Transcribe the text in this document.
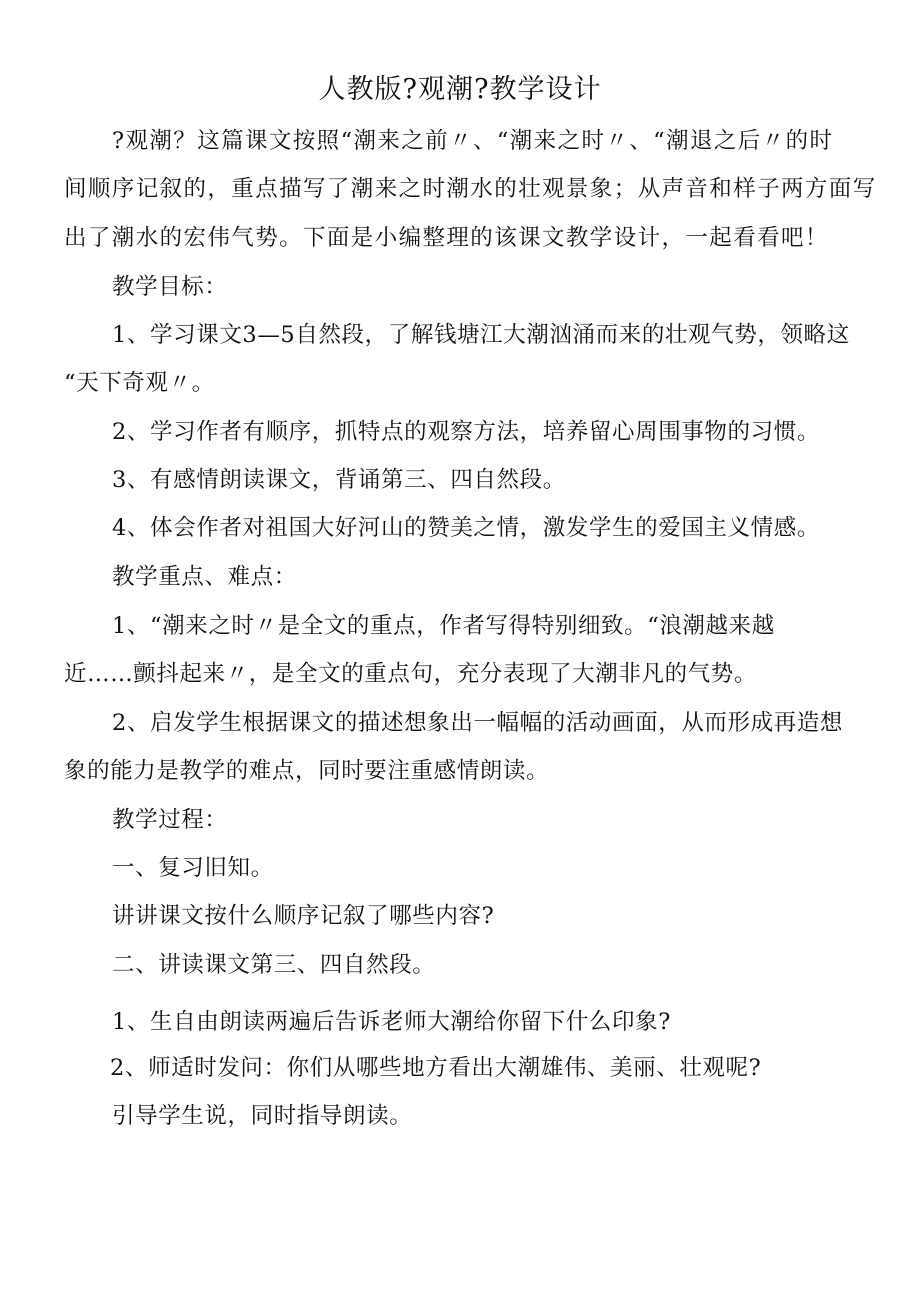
人教版?观潮?教学设计
?观潮？这篇课文按照“潮来之前〃、“潮来之时〃、“潮退之后〃的时
间顺序记叙的，重点描写了潮来之时潮水的壮观景象；从声音和样子两方面写
出了潮水的宏伟气势。下面是小编整理的该课文教学设计，一起看看吧！
教学目标：
1、学习课文3—5自然段，了解钱塘江大潮汹涌而来的壮观气势，领略这
“天下奇观〃。
2、学习作者有顺序，抓特点的观察方法，培养留心周围事物的习惯。
3、有感情朗读课文，背诵第三、四自然段。
4、体会作者对祖国大好河山的赞美之情，激发学生的爱国主义情感。
教学重点、难点：
1、“潮来之时〃是全文的重点，作者写得特别细致。“浪潮越来越
近……颤抖起来〃，是全文的重点句，充分表现了大潮非凡的气势。
2、启发学生根据课文的描述想象出一幅幅的活动画面，从而形成再造想
象的能力是教学的难点，同时要注重感情朗读。
教学过程：
一、复习旧知。
讲讲课文按什么顺序记叙了哪些内容?
二、讲读课文第三、四自然段。
1、生自由朗读两遍后告诉老师大潮给你留下什么印象?
2、师适时发问：你们从哪些地方看出大潮雄伟、美丽、壮观呢?
引导学生说，同时指导朗读。
